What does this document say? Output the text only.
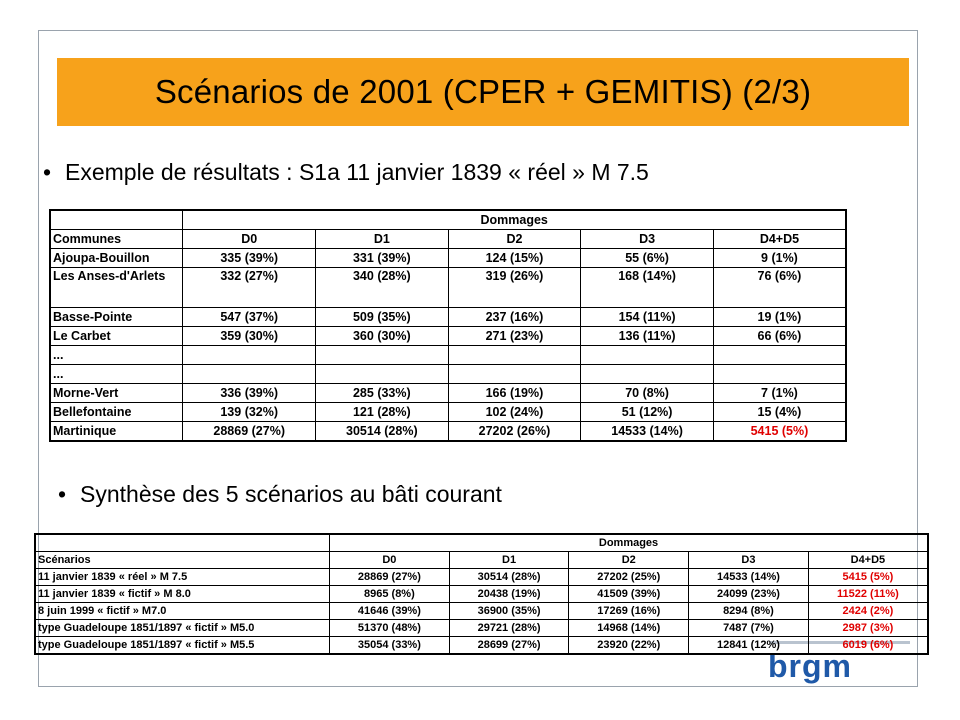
Scénarios de 2001 (CPER + GEMITIS) (2/3)
• Exemple de résultats : S1a 11 janvier 1839 « réel » M 7.5
	Dommages				
Communes	D0	D1	D2	D3	D4+D5
Ajoupa-Bouillon	335 (39%)	331 (39%)	124 (15%)	55 (6%)	9 (1%)
Les Anses-d'Arlets	332 (27%)	340 (28%)	319 (26%)	168 (14%)	76 (6%)
Basse-Pointe	547 (37%)	509 (35%)	237 (16%)	154 (11%)	19 (1%)
Le Carbet	359 (30%)	360 (30%)	271 (23%)	136 (11%)	66 (6%)
...					
...					
Morne-Vert	336 (39%)	285 (33%)	166 (19%)	70 (8%)	7 (1%)
Bellefontaine	139 (32%)	121 (28%)	102 (24%)	51 (12%)	15 (4%)
Martinique	28869 (27%)	30514 (28%)	27202 (26%)	14533 (14%)	5415 (5%)
• Synthèse des 5 scénarios au bâti courant
brgm
	Dommages				
Scénarios	D0	D1	D2	D3	D4+D5
11 janvier 1839 « réel » M 7.5	28869 (27%)	30514 (28%)	27202 (25%)	14533 (14%)	5415 (5%)
11 janvier 1839 « fictif » M 8.0	8965 (8%)	20438 (19%)	41509 (39%)	24099 (23%)	11522 (11%)
8 juin 1999 « fictif » M7.0	41646 (39%)	36900 (35%)	17269 (16%)	8294 (8%)	2424 (2%)
type Guadeloupe 1851/1897 « fictif » M5.0	51370 (48%)	29721 (28%)	14968 (14%)	7487 (7%)	2987 (3%)
type Guadeloupe 1851/1897 « fictif » M5.5	35054 (33%)	28699 (27%)	23920 (22%)	12841 (12%)	6019 (6%)
